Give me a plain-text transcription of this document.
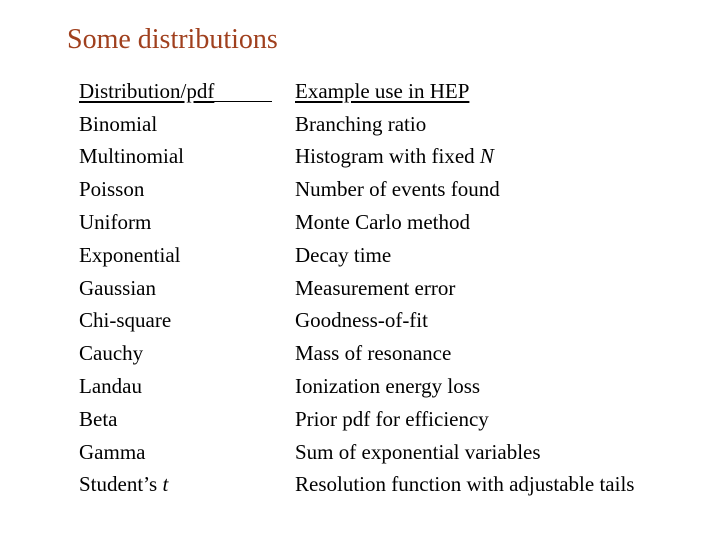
Some distributions
Distribution/pdf	Example use in HEP
Binomial	Branching ratio
Multinomial	Histogram with fixed N
Poisson	Number of events found
Uniform	Monte Carlo method
Exponential	Decay time
Gaussian	Measurement error
Chi-square	Goodness-of-fit
Cauchy	Mass of resonance
Landau	Ionization energy loss
Beta	Prior pdf for efficiency
Gamma	Sum of exponential variables
Student’s t	Resolution function with adjustable tails
